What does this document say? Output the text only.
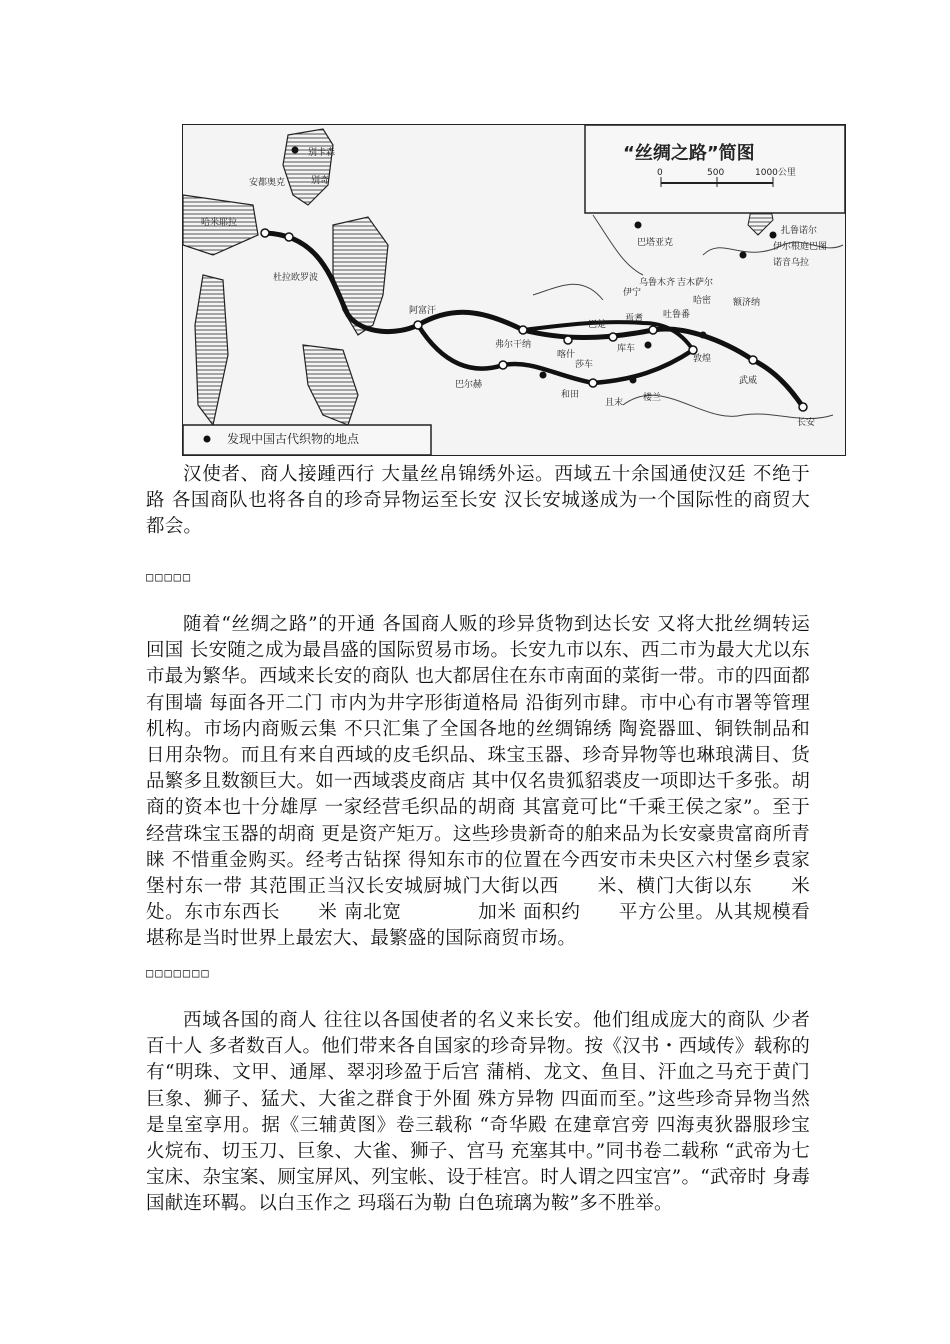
“丝绸之路”简图
0	500	1000公里
发现中国古代织物的地点
安都奥克
别卡森
哈米耶拉
杜拉欧罗波
巴尔赫
阿富汗
弗尔干纳
喀什
莎车
和田
巴楚
库车
焉耆 吐鲁番
哈密
敦煌
且末 楼兰
武威
长安
伊宁
巴塔亚克
乌鲁木齐 吉木萨尔
额济纳
扎鲁诺尔
伊尔根庭巴图
诺音乌拉
别奇

汉使者、商人接踵西行 大量丝帛锦绣外运。西域五十余国通使汉廷 不绝于路 各国商队也将各自的珍奇异物运至长安 汉长安城遂成为一个国际性的商贸大都会。

□□□□□

随着“丝绸之路”的开通 各国商人贩的珍异货物到达长安 又将大批丝绸转运回国 长安随之成为最昌盛的国际贸易市场。长安九市以东、西二市为最大尤以东市最为繁华。西域来长安的商队 也大都居住在东市南面的菜街一带。市的四面都有围墙 每面各开二门 市内为井字形街道格局 沿街列市肆。市中心有市署等管理机构。市场内商贩云集 不只汇集了全国各地的丝绸锦绣 陶瓷器皿、铜铁制品和日用杂物。而且有来自西域的皮毛织品、珠宝玉器、珍奇异物等也琳琅满目、货品繁多且数额巨大。如一西域裘皮商店 其中仅名贵狐貂裘皮一项即达千多张。胡商的资本也十分雄厚 一家经营毛织品的胡商 其富竟可比“千乘王侯之家”。至于经营珠宝玉器的胡商 更是资产矩万。这些珍贵新奇的舶来品为长安豪贵富商所青睐 不惜重金购买。经考古钻探 得知东市的位置在今西安市未央区六村堡乡袁家堡村东一带 其范围正当汉长安城厨城门大街以西　　米、横门大街以东　　米处。东市东西长　　米 南北宽　　　　加米 面积约　　平方公里。从其规模看 堪称是当时世界上最宏大、最繁盛的国际商贸市场。

□□□□□□□

西域各国的商人 往往以各国使者的名义来长安。他们组成庞大的商队 少者百十人 多者数百人。他们带来各自国家的珍奇异物。按《汉书・西域传》载称的有“明珠、文甲、通犀、翠羽珍盈于后宫 蒲梢、龙文、鱼目、汗血之马充于黄门 巨象、狮子、猛犬、大雀之群食于外囿 殊方异物 四面而至。”这些珍奇异物当然是皇室享用。据《三辅黄图》卷三载称 “奇华殿 在建章宫旁 四海夷狄器服珍宝 火烷布、切玉刀、巨象、大雀、狮子、宫马 充塞其中。”同书卷二载称 “武帝为七宝床、杂宝案、厕宝屏风、列宝帐、设于桂宫。时人谓之四宝宫”。“武帝时 身毒国献连环羁。以白玉作之 玛瑙石为勒 白色琉璃为鞍”多不胜举。
